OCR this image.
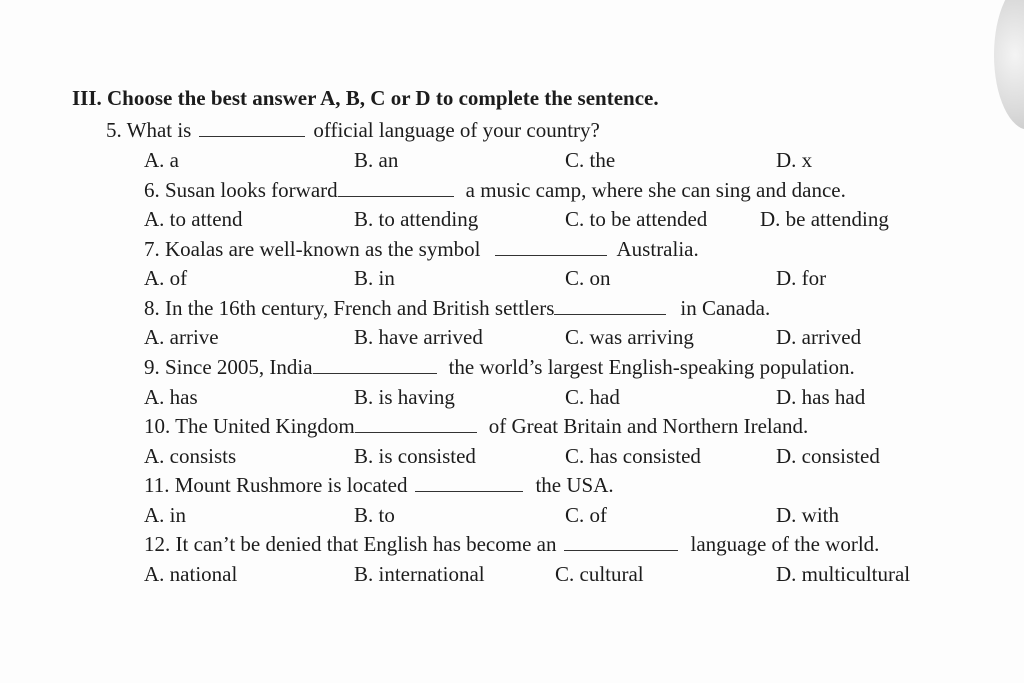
III. Choose the best answer A, B, C or D to complete the sentence.
5. What is	official language of your country?
A. a	B. an	C. the	D. x
6. Susan looks forward	a music camp, where she can sing and dance.
A. to attend	B. to attending	C. to be attended	D. be attending
7. Koalas are well-known as the symbol	Australia.
A. of	B. in	C. on	D. for
8. In the 16th century, French and British settlers	in Canada.
A. arrive	B. have arrived	C. was arriving	D. arrived
9. Since 2005, India	the world’s largest English-speaking population.
A. has	B. is having	C. had	D. has had
10. The United Kingdom	of Great Britain and Northern Ireland.
A. consists	B. is consisted	C. has consisted	D. consisted
11. Mount Rushmore is located	the USA.
A. in	B. to	C. of	D. with
12. It can’t be denied that English has become an	language of the world.
A. national	B. international	C. cultural	D. multicultural
